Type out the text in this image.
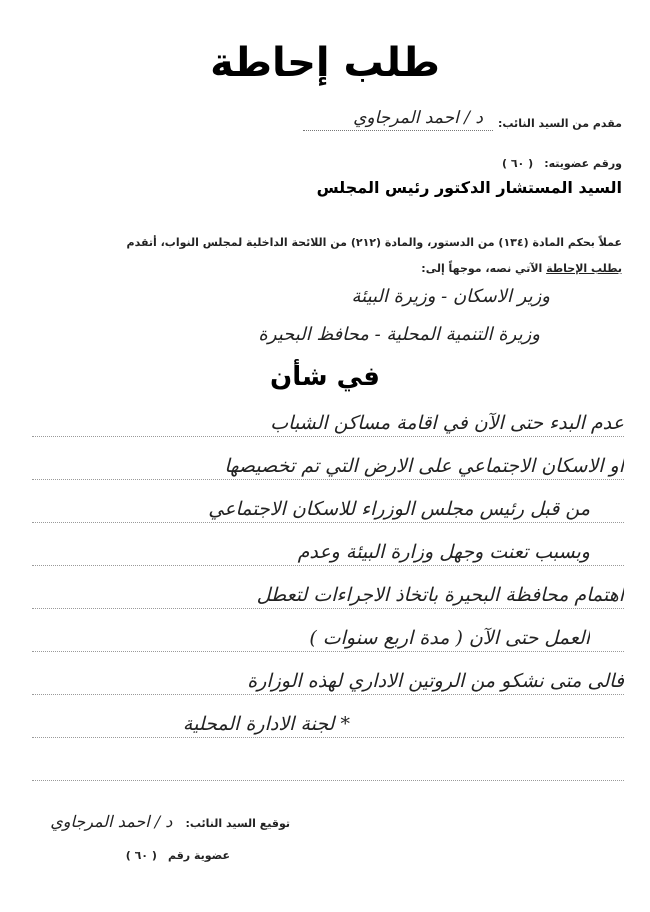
طلب إحاطة
مقدم من السيد النائب:
د / احمد المرجاوي
ورقم عضويته: ( ٦٠ )
السيد المستشار الدكتور رئيس المجلس
عملاً بحكم المادة (١٣٤) من الدستور، والمادة (٢١٢) من اللائحة الداخلية لمجلس النواب، أتقدم
بطلب الإحاطة الآتي نصه، موجهاً إلى:
وزير الاسكان - وزيرة البيئة
وزيرة التنمية المحلية - محافظ البحيرة
في شأن
عدم البدء حتى الآن في اقامة مساكن الشباب
او الاسكان الاجتماعي على الارض التي تم تخصيصها
من قبل رئيس مجلس الوزراء للاسكان الاجتماعي
وبسبب تعنت وجهل وزارة البيئة وعدم
اهتمام محافظة البحيرة باتخاذ الاجراءات لتعطل
العمل حتى الآن ( مدة اربع سنوات )
فالى متى نشكو من الروتين الاداري لهذه الوزارة
* لجنة الادارة المحلية
توقيع السيد النائب: د / احمد المرجاوي
عضوية رقم ( ٦٠ )
